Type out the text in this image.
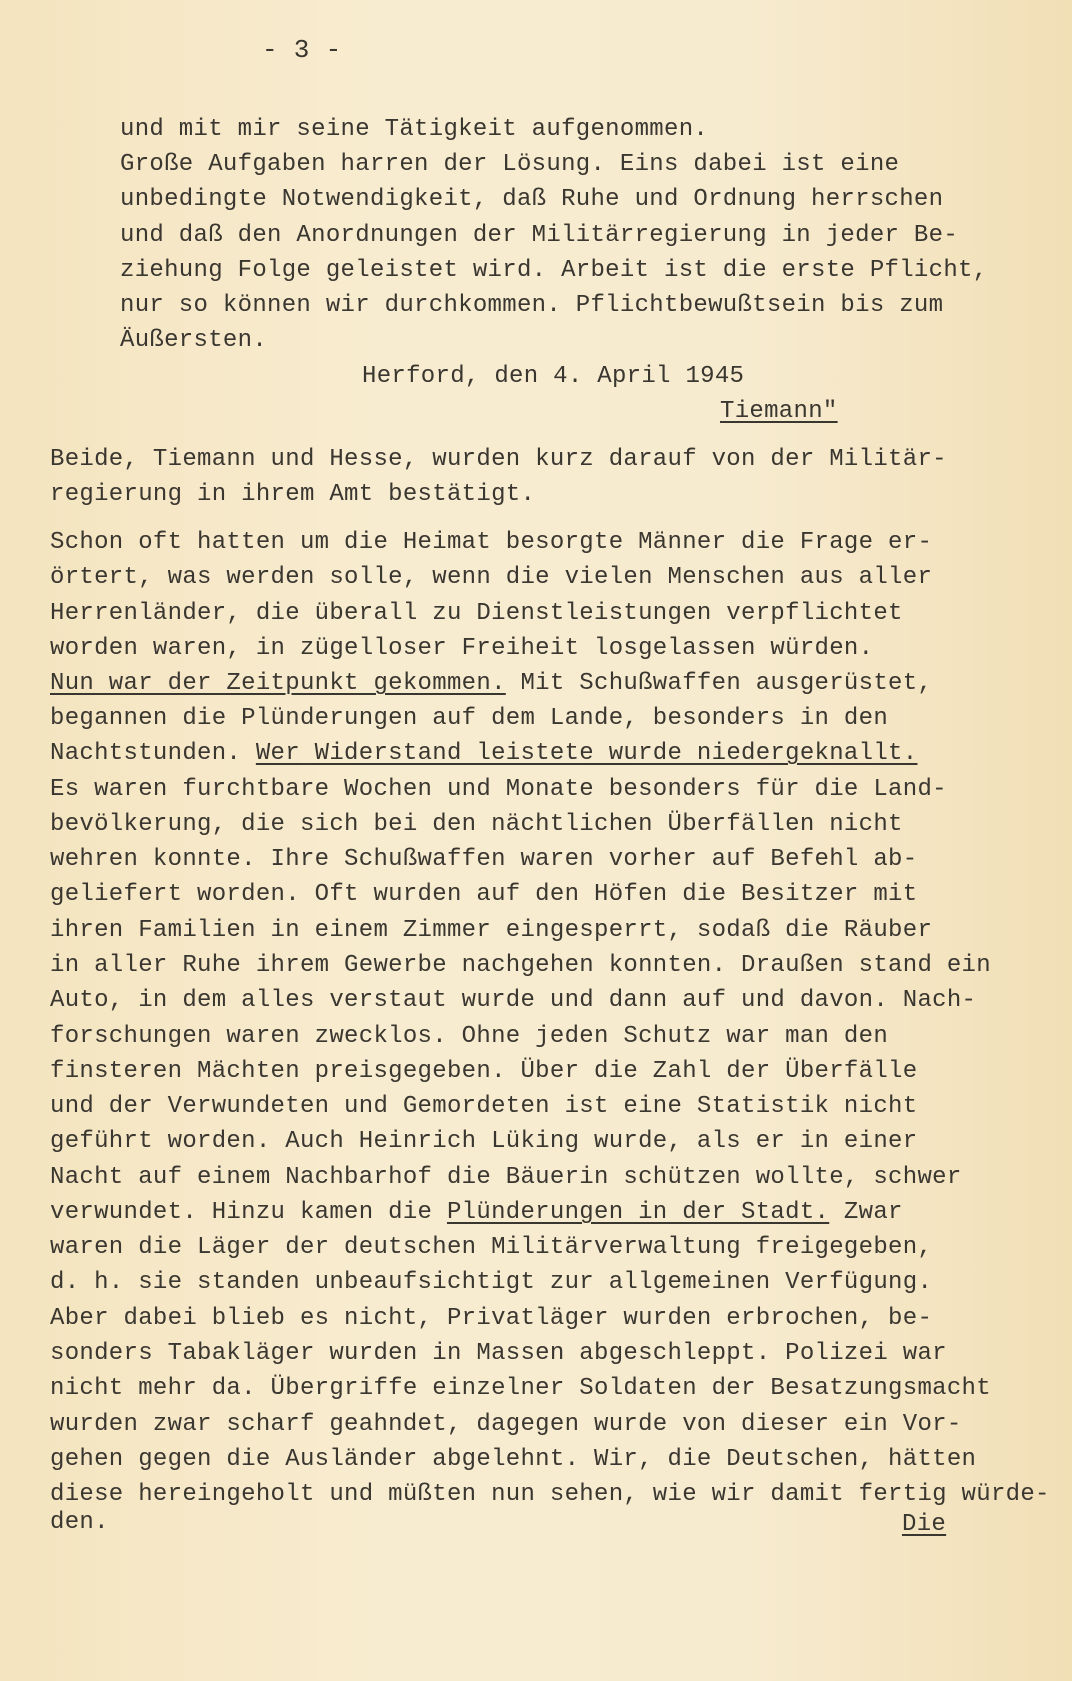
- 3 -
und mit mir seine Tätigkeit aufgenommen.
Große Aufgaben harren der Lösung. Eins dabei ist eine
unbedingte Notwendigkeit, daß Ruhe und Ordnung herrschen
und daß den Anordnungen der Militärregierung in jeder Be-
ziehung Folge geleistet wird. Arbeit ist die erste Pflicht,
nur so können wir durchkommen. Pflichtbewußtsein bis zum
Äußersten.
Herford, den 4. April 1945
Tiemann"
Beide, Tiemann und Hesse, wurden kurz darauf von der Militär-
regierung in ihrem Amt bestätigt.
Schon oft hatten um die Heimat besorgte Männer die Frage er-
örtert, was werden solle, wenn die vielen Menschen aus aller
Herrenländer, die überall zu Dienstleistungen verpflichtet
worden waren, in zügelloser Freiheit losgelassen würden.
Nun war der Zeitpunkt gekommen. Mit Schußwaffen ausgerüstet,
begannen die Plünderungen auf dem Lande, besonders in den
Nachtstunden. Wer Widerstand leistete wurde niedergeknallt.
Es waren furchtbare Wochen und Monate besonders für die Land-
bevölkerung, die sich bei den nächtlichen Überfällen nicht
wehren konnte. Ihre Schußwaffen waren vorher auf Befehl ab-
geliefert worden. Oft wurden auf den Höfen die Besitzer mit
ihren Familien in einem Zimmer eingesperrt, sodaß die Räuber
in aller Ruhe ihrem Gewerbe nachgehen konnten. Draußen stand ein
Auto, in dem alles verstaut wurde und dann auf und davon. Nach-
forschungen waren zwecklos. Ohne jeden Schutz war man den
finsteren Mächten preisgegeben. Über die Zahl der Überfälle
und der Verwundeten und Gemordeten ist eine Statistik nicht
geführt worden. Auch Heinrich Lüking wurde, als er in einer
Nacht auf einem Nachbarhof die Bäuerin schützen wollte, schwer
verwundet. Hinzu kamen die Plünderungen in der Stadt. Zwar
waren die Läger der deutschen Militärverwaltung freigegeben,
d. h. sie standen unbeaufsichtigt zur allgemeinen Verfügung.
Aber dabei blieb es nicht, Privatläger wurden erbrochen, be-
sonders Tabakläger wurden in Massen abgeschleppt. Polizei war
nicht mehr da. Übergriffe einzelner Soldaten der Besatzungsmacht
wurden zwar scharf geahndet, dagegen wurde von dieser ein Vor-
gehen gegen die Ausländer abgelehnt. Wir, die Deutschen, hätten
diese hereingeholt und müßten nun sehen, wie wir damit fertig würde-
den.	Die
